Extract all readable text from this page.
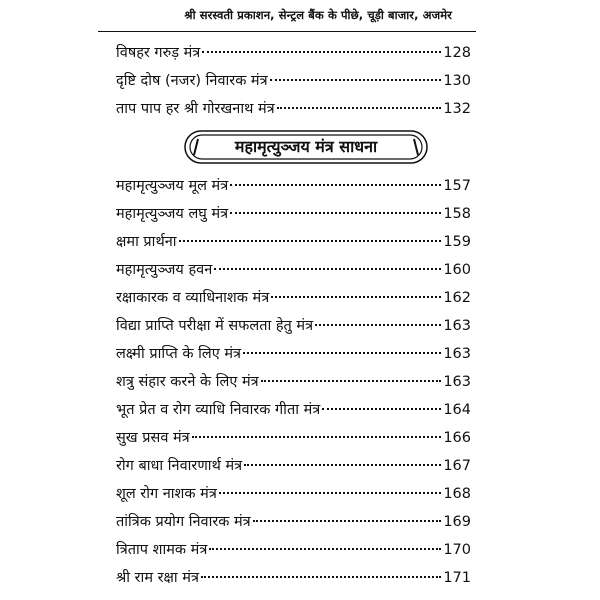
श्री सरस्वती प्रकाशन, सेन्ट्रल बैंक के पीछे, चूड़ी बाजार, अजमेर
विषहर गरुड़ मंत्र	128
दृष्टि दोष (नजर) निवारक मंत्र	130
ताप पाप हर श्री गोरखनाथ मंत्र	132
महामृत्युञ्जय मंत्र साधना
महामृत्युञ्जय मूल मंत्र	157
महामृत्युञ्जय लघु मंत्र	158
क्षमा प्रार्थना	159
महामृत्युञ्जय हवन	160
रक्षाकारक व व्याधिनाशक मंत्र	162
विद्या प्राप्ति परीक्षा में सफलता हेतु मंत्र	163
लक्ष्मी प्राप्ति के लिए मंत्र	163
शत्रु संहार करने के लिए मंत्र	163
भूत प्रेत व रोग व्याधि निवारक गीता मंत्र	164
सुख प्रसव मंत्र	166
रोग बाधा निवारणार्थ मंत्र	167
शूल रोग नाशक मंत्र	168
तांत्रिक प्रयोग निवारक मंत्र	169
त्रिताप शामक मंत्र	170
श्री राम रक्षा मंत्र	171
